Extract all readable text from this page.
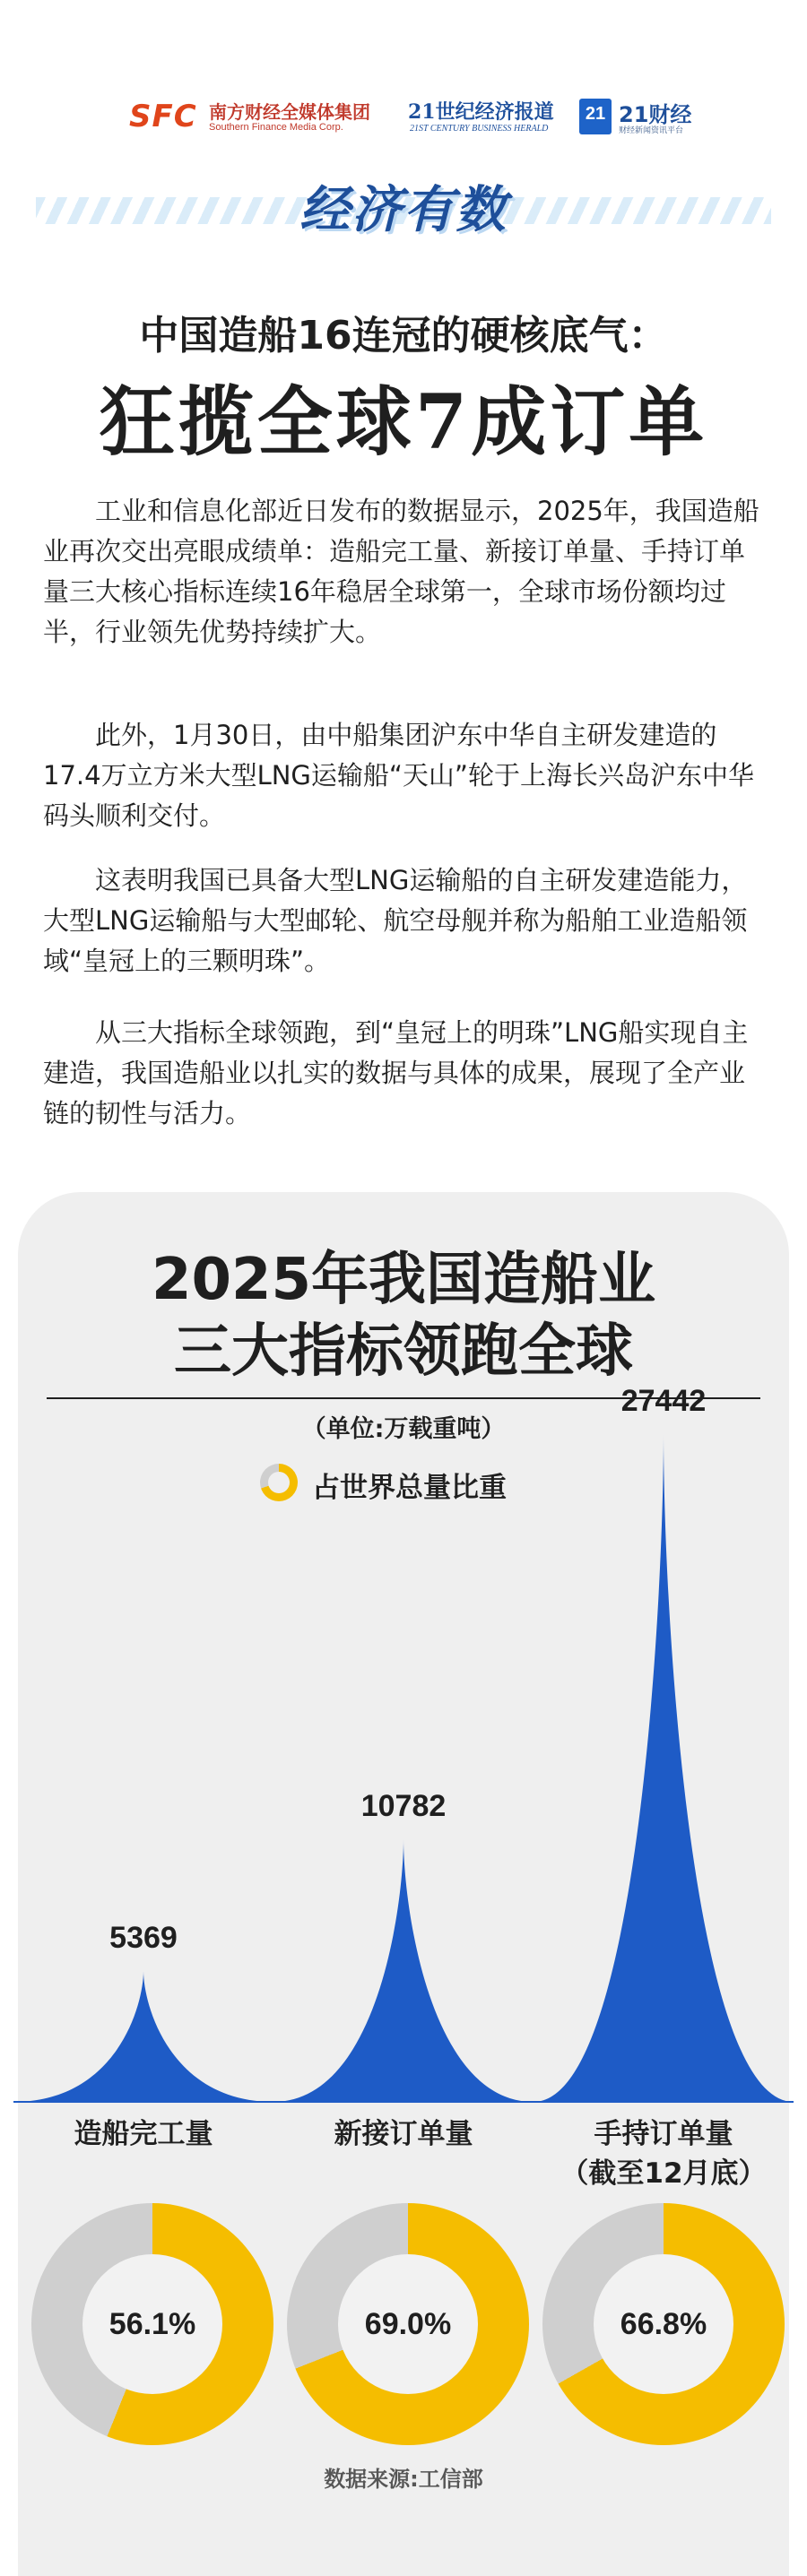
SFC 南方财经全媒体集团
Southern Finance Media Corp.
21世纪经济报道
21ST CENTURY BUSINESS HERALD
21 21财经
财经新闻资讯平台
经济有数
中国造船16连冠的硬核底气：
狂揽全球7成订单

工业和信息化部近日发布的数据显示，2025年，我国造船业再次交出亮眼成绩单：造船完工量、新接订单量、手持订单量三大核心指标连续16年稳居全球第一，全球市场份额均过半，行业领先优势持续扩大。

此外，1月30日，由中船集团沪东中华自主研发建造的17.4万立方米大型LNG运输船“天山”轮于上海长兴岛沪东中华码头顺利交付。

这表明我国已具备大型LNG运输船的自主研发建造能力，大型LNG运输船与大型邮轮、航空母舰并称为船舶工业造船领域“皇冠上的三颗明珠”。

从三大指标全球领跑，到“皇冠上的明珠”LNG船实现自主建造，我国造船业以扎实的数据与具体的成果，展现了全产业链的韧性与活力。

2025年我国造船业
三大指标领跑全球
（单位:万载重吨）
占世界总量比重
5369
10782
27442
造船完工量	新接订单量	手持订单量
（截至12月底）
56.1%	69.0%	66.8%
数据来源:工信部
